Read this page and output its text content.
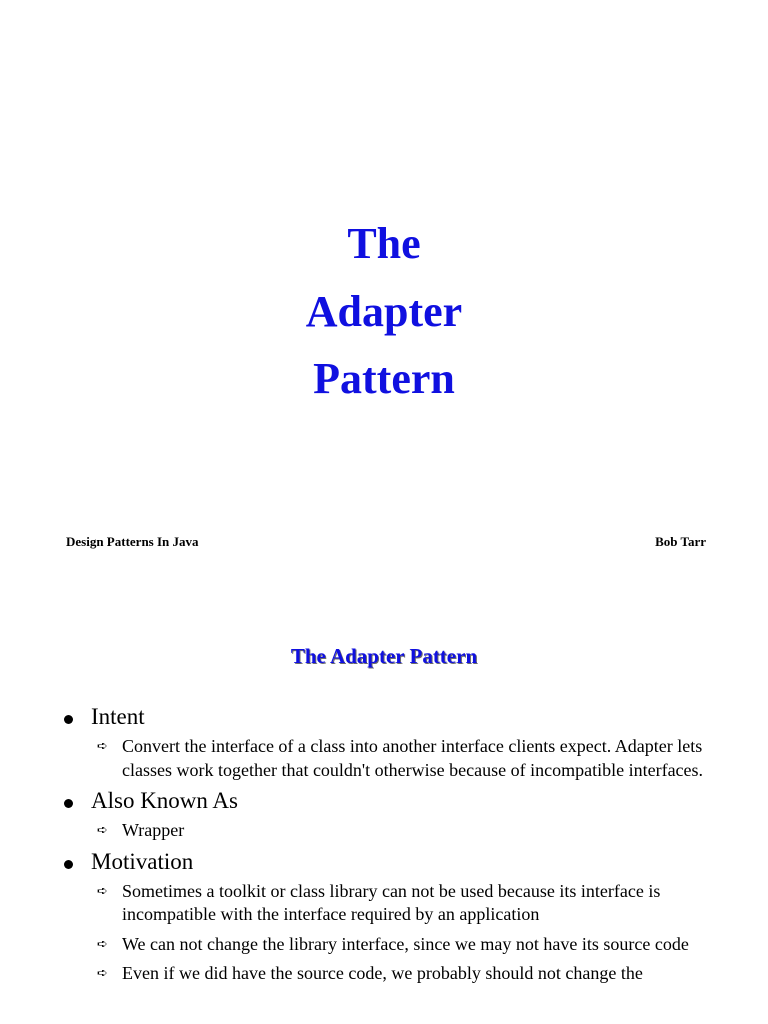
The
Adapter
Pattern
Design Patterns In Java	Bob Tarr
The Adapter Pattern
Intent
➪ Convert the interface of a class into another interface clients expect. Adapter lets classes work together that couldn't otherwise because of incompatible interfaces.
Also Known As
➪ Wrapper
Motivation
➪ Sometimes a toolkit or class library can not be used because its interface is incompatible with the interface required by an application
➪ We can not change the library interface, since we may not have its source code
➪ Even if we did have the source code, we probably should not change the
